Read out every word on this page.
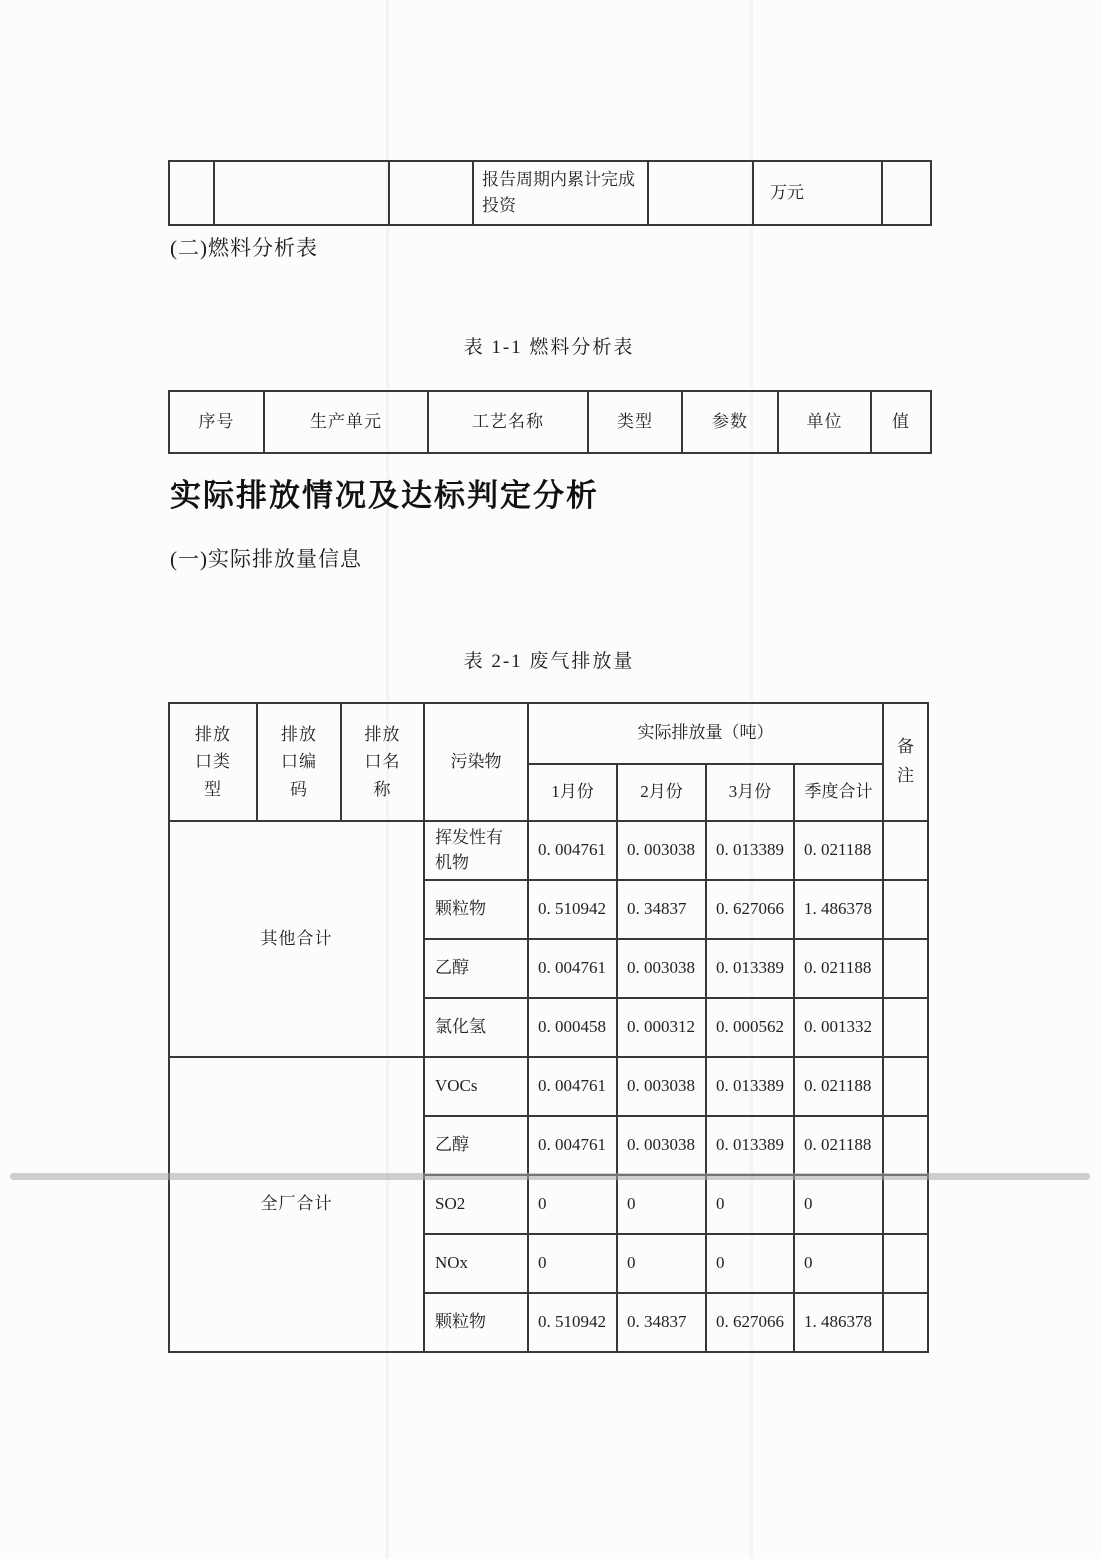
			报告周期内累计完成投资		万元	
(二)燃料分析表
表 1-1 燃料分析表
序号	生产单元	工艺名称	类型	参数	单位	值
实际排放情况及达标判定分析
(一)实际排放量信息
表 2-1 废气排放量
排放口类型	排放口编码	排放口名称	污染物	实际排放量（吨）				备注
				1月份	2月份	3月份	季度合计	
其他合计			挥发性有机物	0. 004761	0. 003038	0. 013389	0. 021188	
			颗粒物	0. 510942	0. 34837	0. 627066	1. 486378	
			乙醇	0. 004761	0. 003038	0. 013389	0. 021188	
			氯化氢	0. 000458	0. 000312	0. 000562	0. 001332	
全厂合计			VOCs	0. 004761	0. 003038	0. 013389	0. 021188	
			乙醇	0. 004761	0. 003038	0. 013389	0. 021188	
			SO2	0	0	0	0	
			NOx	0	0	0	0	
			颗粒物	0. 510942	0. 34837	0. 627066	1. 486378	
